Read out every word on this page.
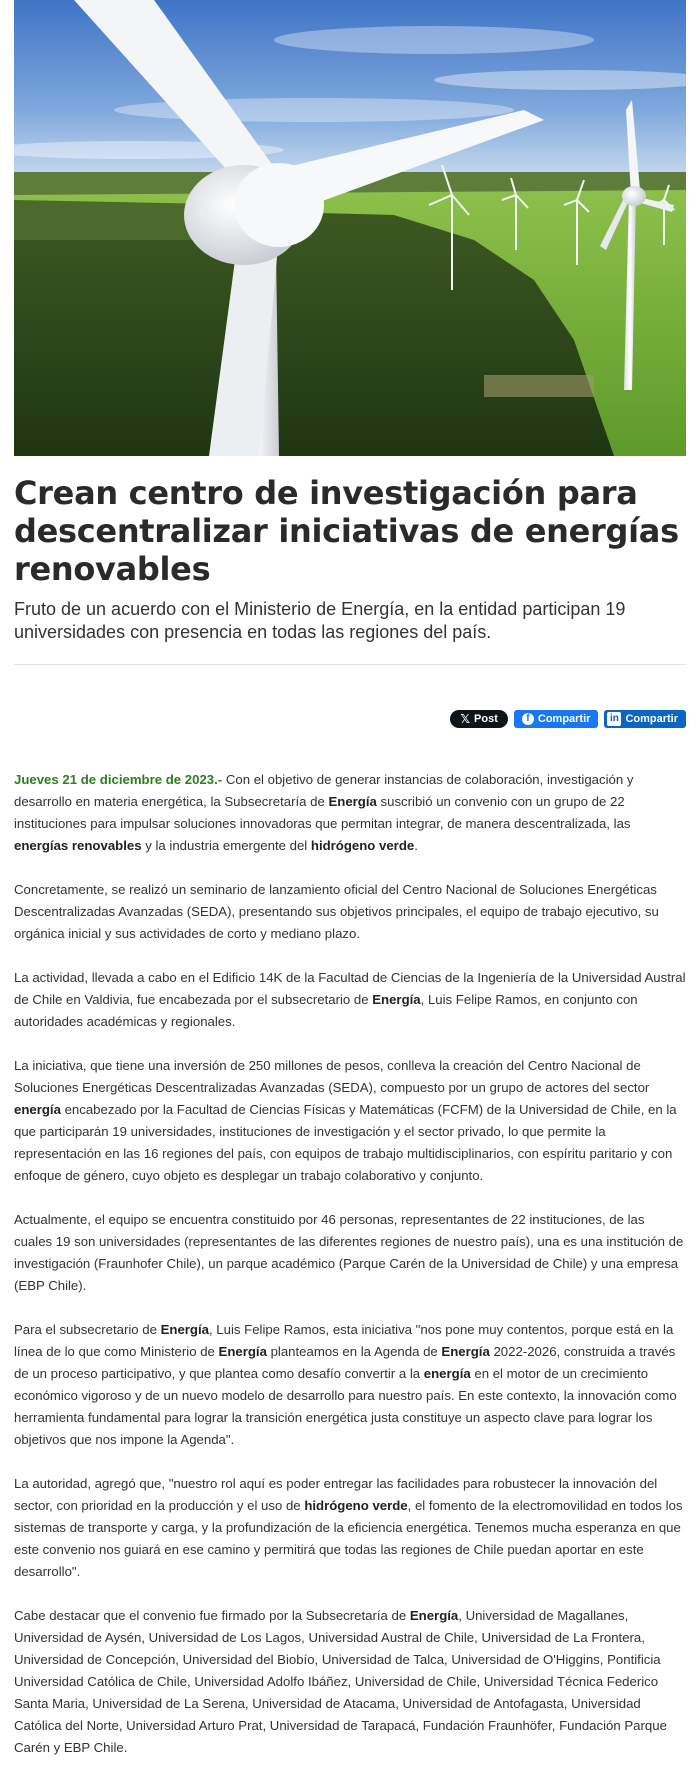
Crean centro de investigación para descentralizar iniciativas de energías renovables

Fruto de un acuerdo con el Ministerio de Energía, en la entidad participan 19 universidades con presencia en todas las regiones del país.

𝕏 Post	f Compartir in Compartir

Jueves 21 de diciembre de 2023.- Con el objetivo de generar instancias de colaboración, investigación y desarrollo en materia energética, la Subsecretaría de Energía suscribió un convenio con un grupo de 22 instituciones para impulsar soluciones innovadoras que permitan integrar, de manera descentralizada, las energías renovables y la industria emergente del hidrógeno verde.

Concretamente, se realizó un seminario de lanzamiento oficial del Centro Nacional de Soluciones Energéticas Descentralizadas Avanzadas (SEDA), presentando sus objetivos principales, el equipo de trabajo ejecutivo, su orgánica inicial y sus actividades de corto y mediano plazo.

La actividad, llevada a cabo en el Edificio 14K de la Facultad de Ciencias de la Ingeniería de la Universidad Austral de Chile en Valdivia, fue encabezada por el subsecretario de Energía, Luis Felipe Ramos, en conjunto con autoridades académicas y regionales.

La iniciativa, que tiene una inversión de 250 millones de pesos, conlleva la creación del Centro Nacional de Soluciones Energéticas Descentralizadas Avanzadas (SEDA), compuesto por un grupo de actores del sector energía encabezado por la Facultad de Ciencias Físicas y Matemáticas (FCFM) de la Universidad de Chile, en la que participarán 19 universidades, instituciones de investigación y el sector privado, lo que permite la representación en las 16 regiones del país, con equipos de trabajo multidisciplinarios, con espíritu paritario y con enfoque de género, cuyo objeto es desplegar un trabajo colaborativo y conjunto.

Actualmente, el equipo se encuentra constituido por 46 personas, representantes de 22 instituciones, de las cuales 19 son universidades (representantes de las diferentes regiones de nuestro país), una es una institución de investigación (Fraunhofer Chile), un parque académico (Parque Carén de la Universidad de Chile) y una empresa (EBP Chile).

Para el subsecretario de Energía, Luis Felipe Ramos, esta iniciativa "nos pone muy contentos, porque está en la línea de lo que como Ministerio de Energía planteamos en la Agenda de Energía 2022-2026, construida a través de un proceso participativo, y que plantea como desafío convertir a la energía en el motor de un crecimiento económico vigoroso y de un nuevo modelo de desarrollo para nuestro país. En este contexto, la innovación como herramienta fundamental para lograr la transición energética justa constituye un aspecto clave para lograr los objetivos que nos impone la Agenda".

La autoridad, agregó que, "nuestro rol aquí es poder entregar las facilidades para robustecer la innovación del sector, con prioridad en la producción y el uso de hidrógeno verde, el fomento de la electromovilidad en todos los sistemas de transporte y carga, y la profundización de la eficiencia energética. Tenemos mucha esperanza en que este convenio nos guiará en ese camino y permitirá que todas las regiones de Chile puedan aportar en este desarrollo".

Cabe destacar que el convenio fue firmado por la Subsecretaría de Energía, Universidad de Magallanes, Universidad de Aysén, Universidad de Los Lagos, Universidad Austral de Chile, Universidad de La Frontera, Universidad de Concepción, Universidad del Biobío, Universidad de Talca, Universidad de O'Higgins, Pontificia Universidad Católica de Chile, Universidad Adolfo Ibáñez, Universidad de Chile, Universidad Técnica Federico Santa Maria, Universidad de La Serena, Universidad de Atacama, Universidad de Antofagasta, Universidad Católica del Norte, Universidad Arturo Prat, Universidad de Tarapacá, Fundación Fraunhöfer, Fundación Parque Carén y EBP Chile.
